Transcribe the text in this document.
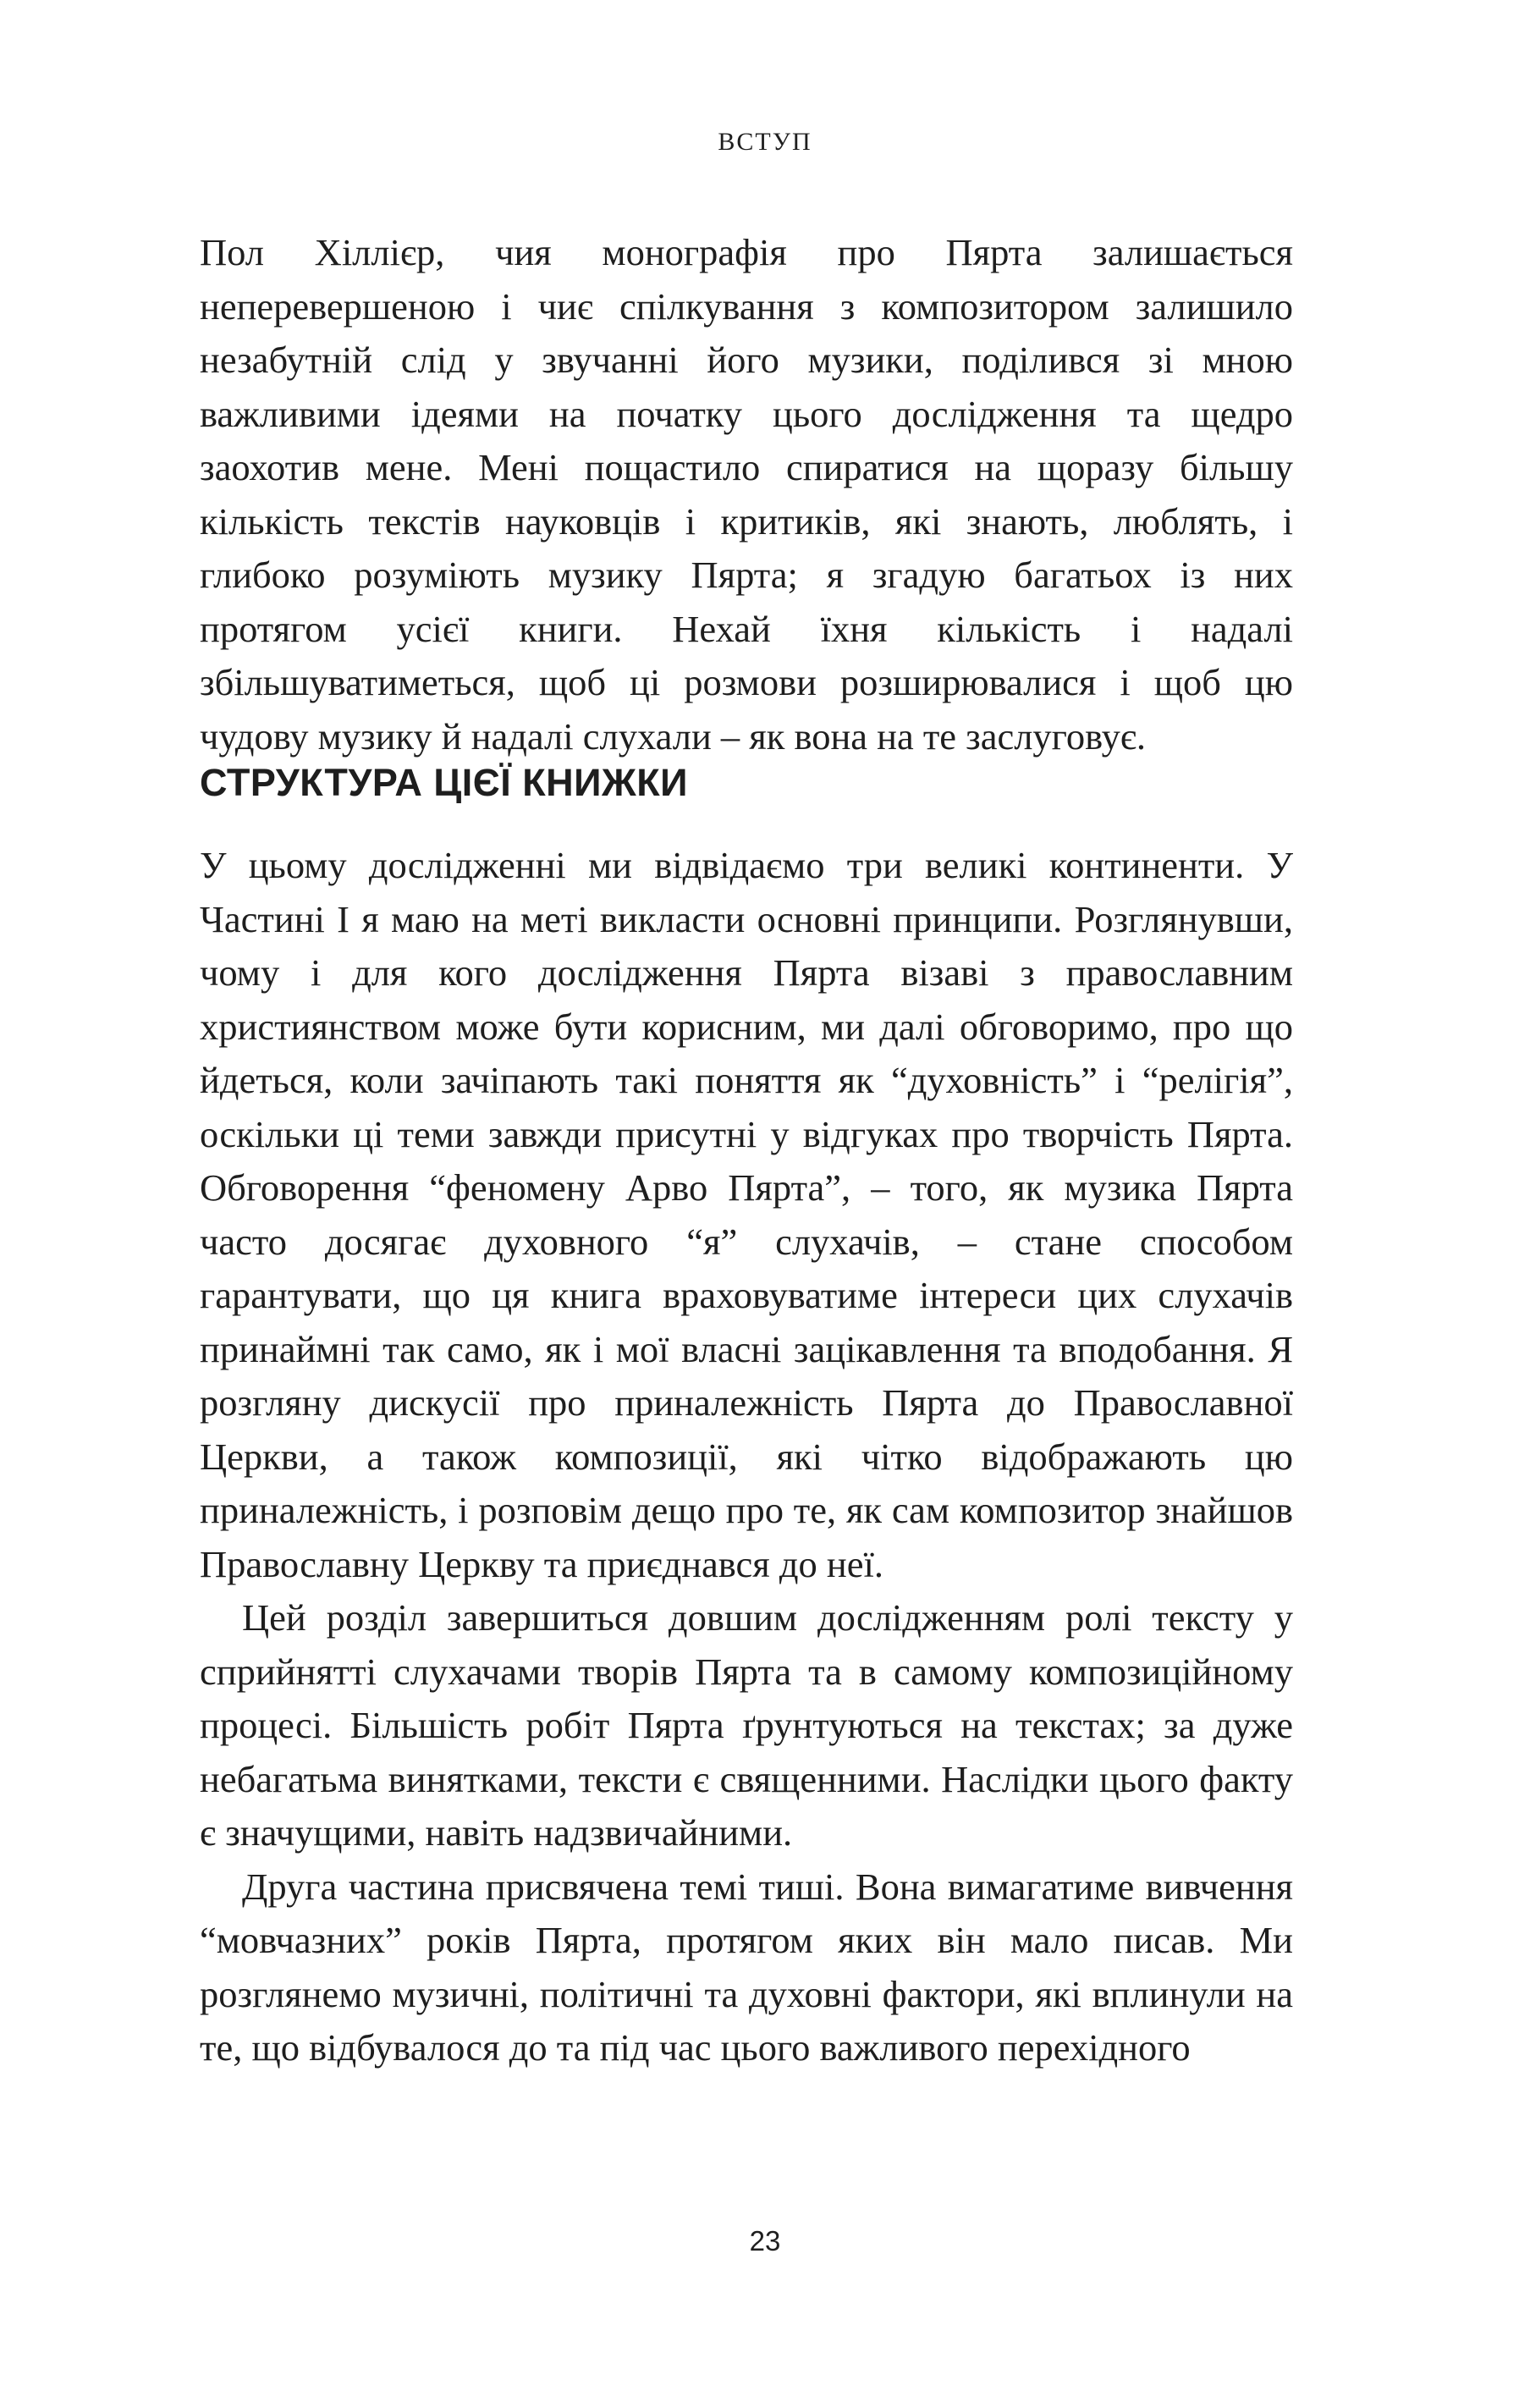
ВСТУП

Пол Хіллієр, чия монографія про Пярта залишається неперевершеною і чиє спілкування з композитором залишило незабутній слід у звучанні його музики, поділився зі мною важливими ідеями на початку цього дослідження та щедро заохотив мене. Мені пощастило спиратися на щоразу більшу кількість текстів науковців і критиків, які знають, люблять, і глибоко розуміють музику Пярта; я згадую багатьох із них протягом усієї книги. Нехай їхня кількість і надалі збільшуватиметься, щоб ці розмови розширювалися і щоб цю чудову музику й надалі слухали – як вона на те заслуговує.

СТРУКТУРА ЦІЄЇ КНИЖКИ

У цьому дослідженні ми відвідаємо три великі континенти. У Частині I я маю на меті викласти основні принципи. Розглянувши, чому і для кого дослідження Пярта візаві з православним християнством може бути корисним, ми далі обговоримо, про що йдеться, коли зачіпають такі поняття як “духовність” і “релігія”, оскільки ці теми завжди присутні у відгуках про творчість Пярта. Обговорення “феномену Арво Пярта”, – того, як музика Пярта часто досягає духовного “я” слухачів, – стане способом гарантувати, що ця книга враховуватиме інтереси цих слухачів принаймні так само, як і мої власні зацікавлення та вподобання. Я розгляну дискусії про приналежність Пярта до Православної Церкви, а також композиції, які чітко відображають цю приналежність, і розповім дещо про те, як сам композитор знайшов Православну Церкву та приєднався до неї.

Цей розділ завершиться довшим дослідженням ролі тексту у сприйнятті слухачами творів Пярта та в самому композиційному процесі. Більшість робіт Пярта ґрунтуються на текстах; за дуже небагатьма винятками, тексти є священними. Наслідки цього факту є значущими, навіть надзвичайними.

Друга частина присвячена темі тиші. Вона вимагатиме вивчення “мовчазних” років Пярта, протягом яких він мало писав. Ми розглянемо музичні, політичні та духовні фактори, які вплинули на те, що відбувалося до та під час цього важливого перехідного

23
